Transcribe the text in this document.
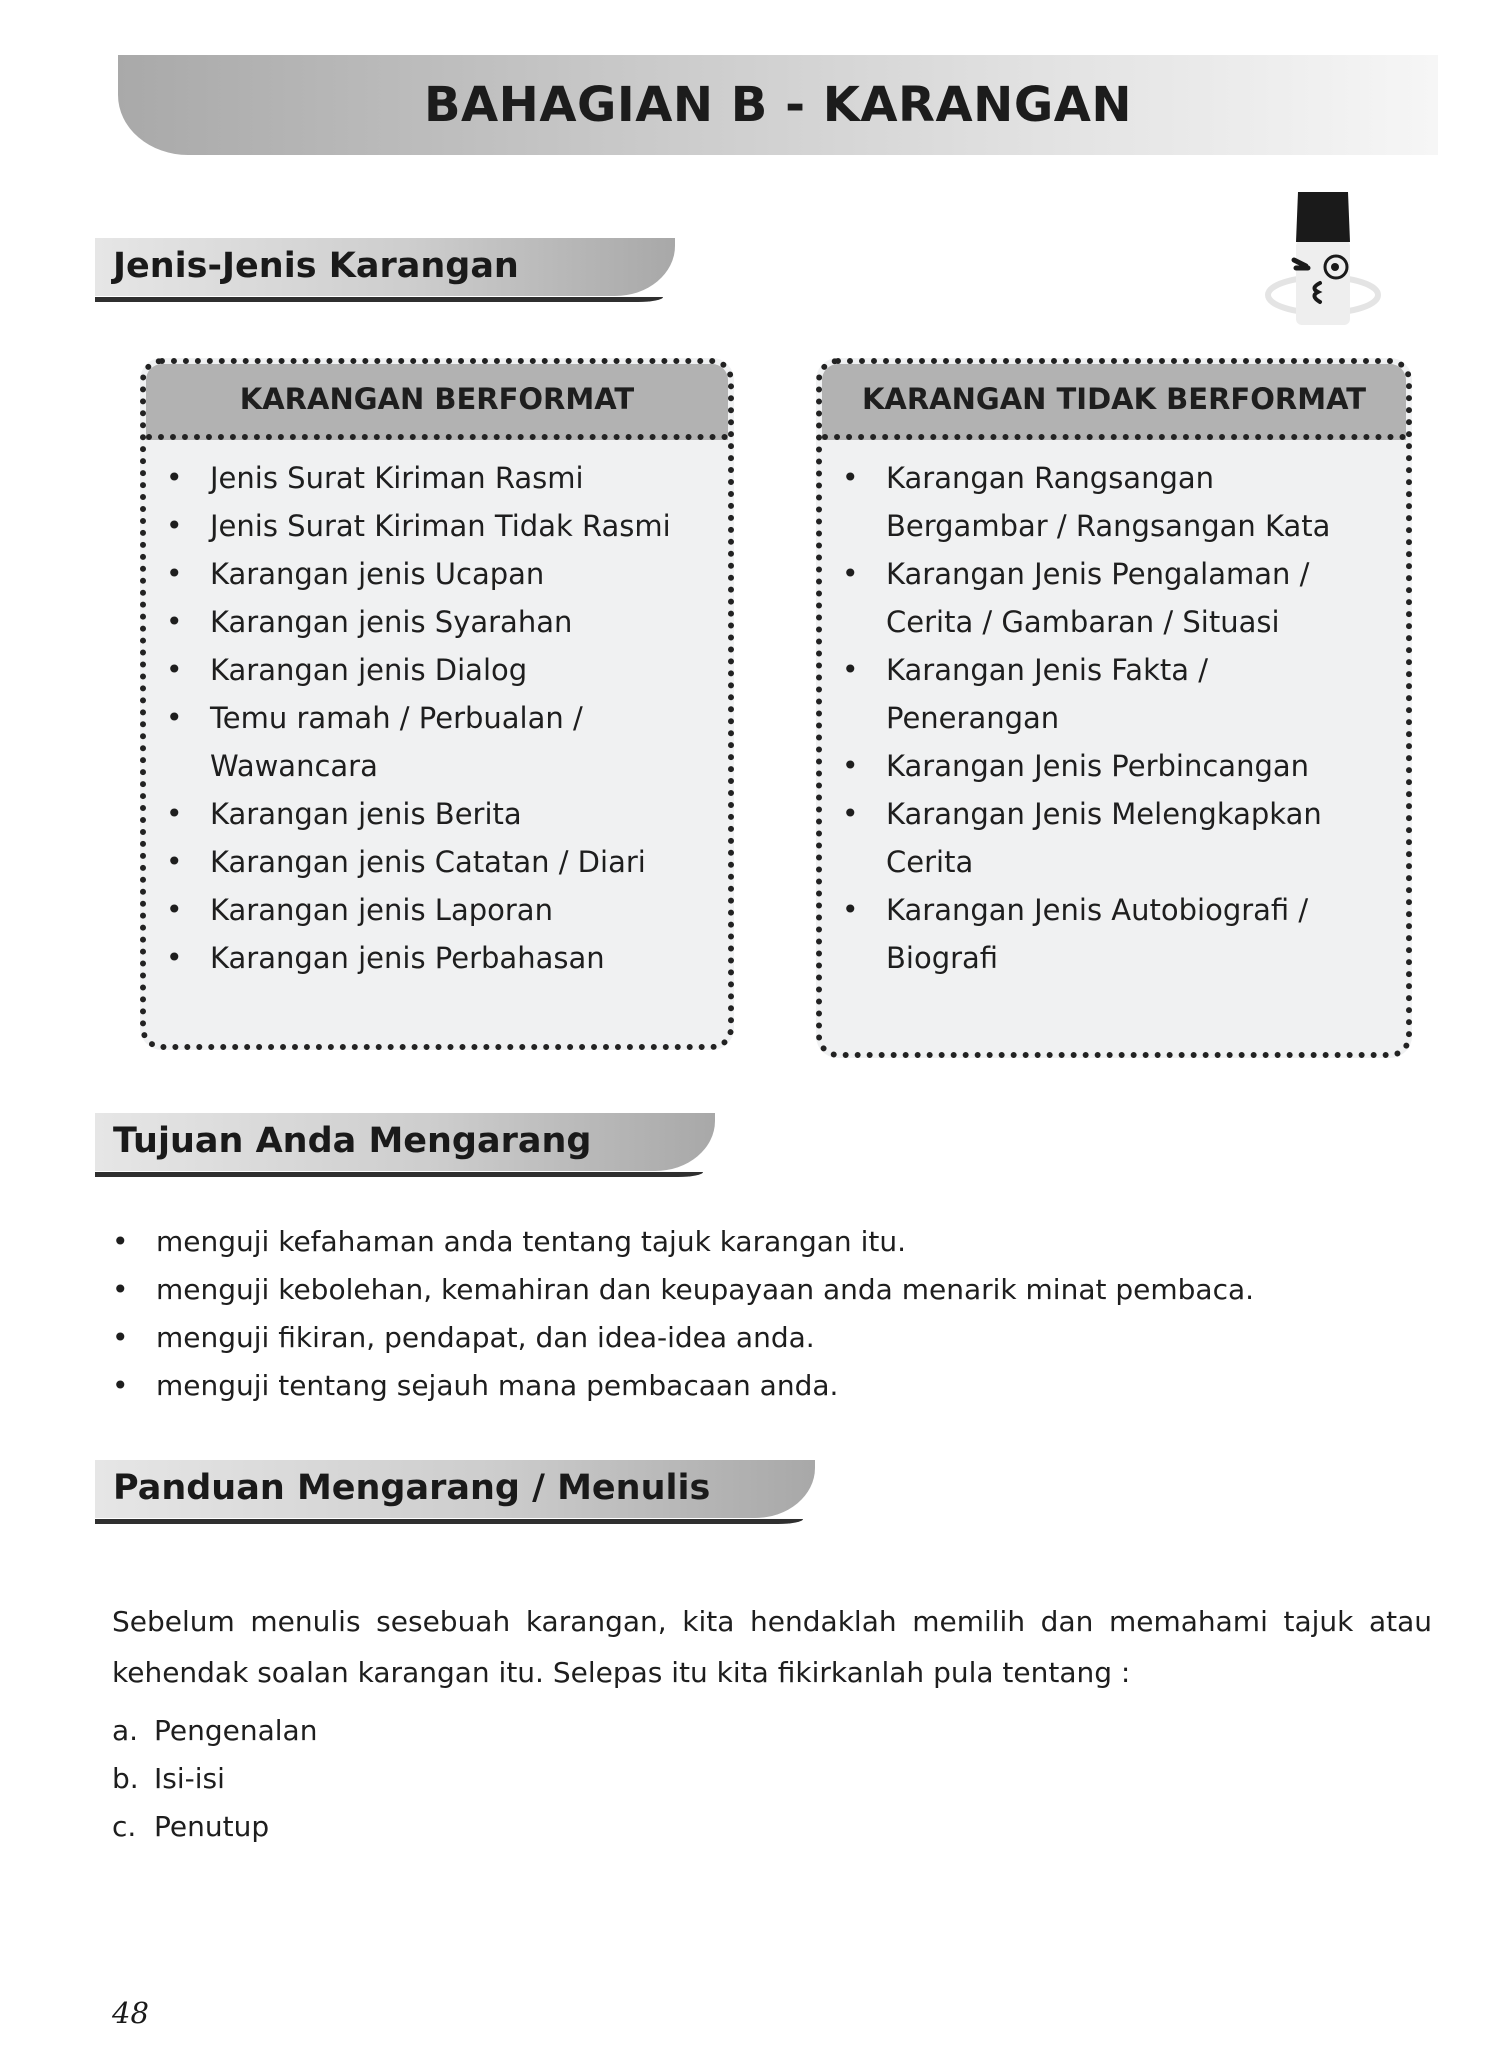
BAHAGIAN B - KARANGAN
Jenis-Jenis Karangan
KARANGAN BERFORMAT
• Jenis Surat Kiriman Rasmi
• Jenis Surat Kiriman Tidak Rasmi
• Karangan jenis Ucapan
• Karangan jenis Syarahan
• Karangan jenis Dialog
• Temu ramah / Perbualan / Wawancara
• Karangan jenis Berita
• Karangan jenis Catatan / Diari
• Karangan jenis Laporan
• Karangan jenis Perbahasan
KARANGAN TIDAK BERFORMAT
• Karangan Rangsangan Bergambar / Rangsangan Kata
• Karangan Jenis Pengalaman / Cerita / Gambaran / Situasi
• Karangan Jenis Fakta / Penerangan
• Karangan Jenis Perbincangan
• Karangan Jenis Melengkapkan Cerita
• Karangan Jenis Autobiografi / Biografi
Tujuan Anda Mengarang
• menguji kefahaman anda tentang tajuk karangan itu.
• menguji kebolehan, kemahiran dan keupayaan anda menarik minat pembaca.
• menguji fikiran, pendapat, dan idea-idea anda.
• menguji tentang sejauh mana pembacaan anda.
Panduan Mengarang / Menulis

Sebelum menulis sesebuah karangan, kita hendaklah memilih dan memahami tajuk atau kehendak soalan karangan itu. Selepas itu kita fikirkanlah pula tentang :

a. Pengenalan
b. Isi-isi
c. Penutup
48
